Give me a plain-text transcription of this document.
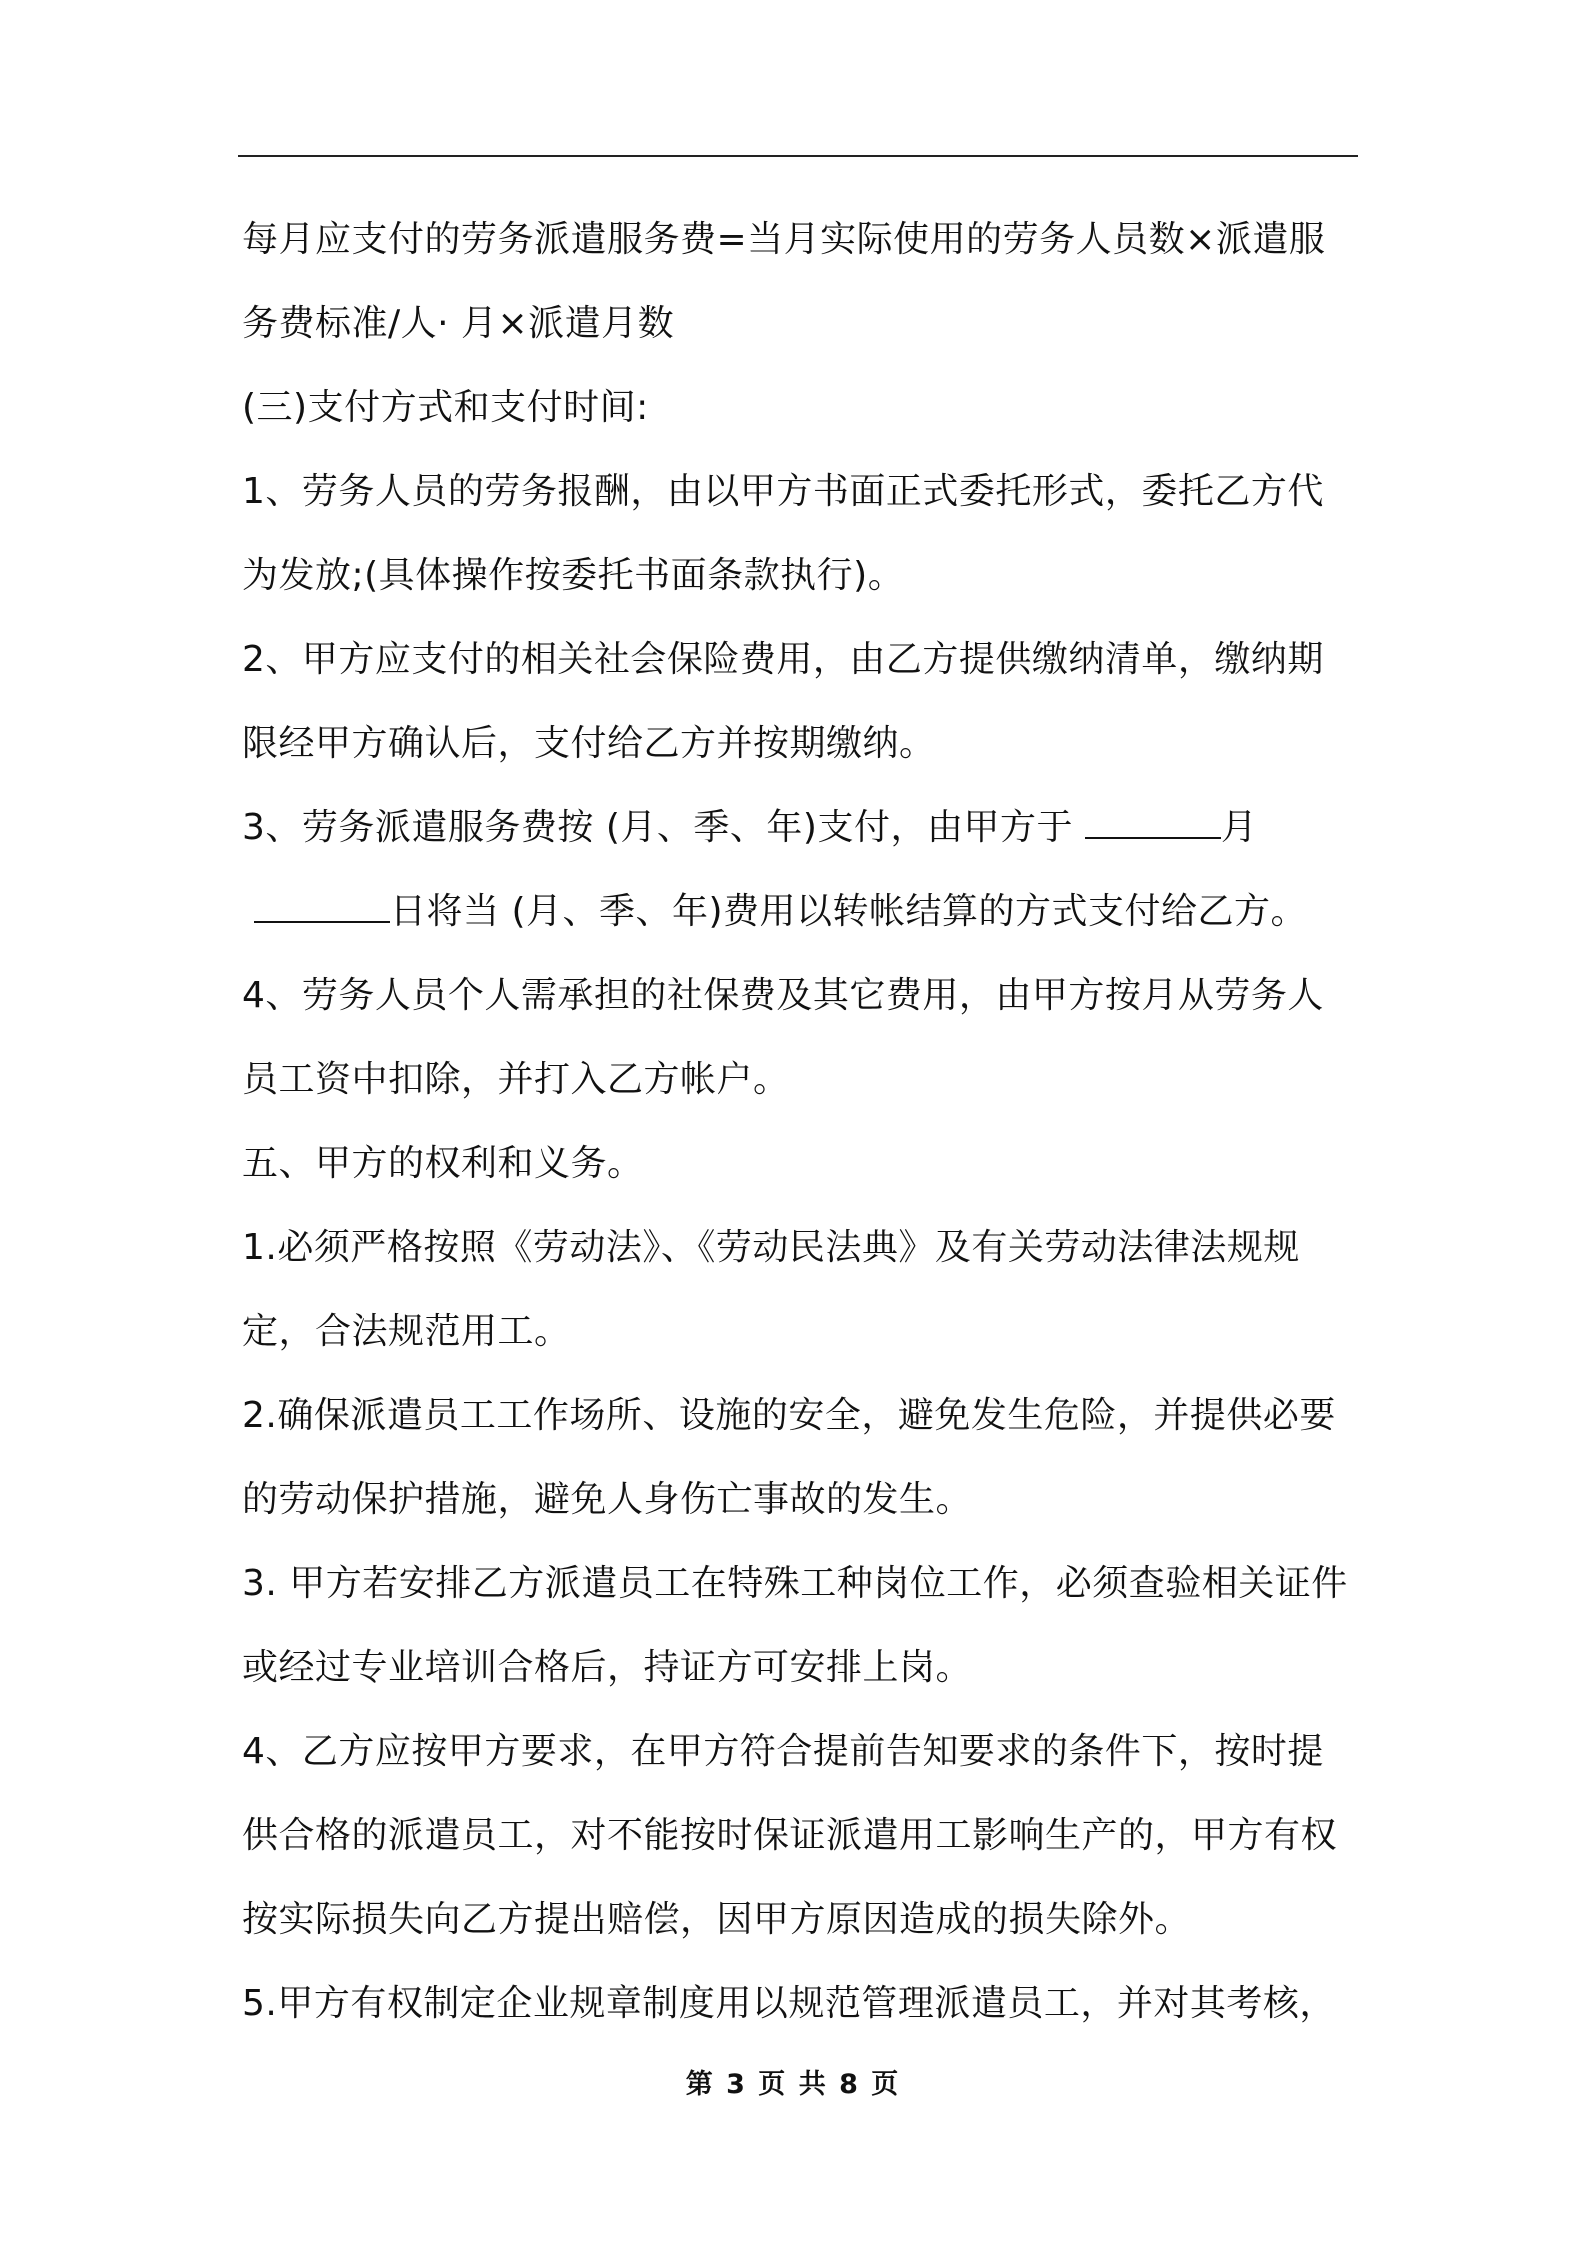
每月应支付的劳务派遣服务费=当月实际使用的劳务人员数×派遣服务费标准/人· 月×派遣月数

(三)支付方式和支付时间:

1、劳务人员的劳务报酬，由以甲方书面正式委托形式，委托乙方代为发放;(具体操作按委托书面条款执行)。

2、甲方应支付的相关社会保险费用，由乙方提供缴纳清单，缴纳期限经甲方确认后，支付给乙方并按期缴纳。

3、劳务派遣服务费按 (月、季、年)支付，由甲方于	月日将当 (月、季、年)费用以转帐结算的方式支付给乙方。

4、劳务人员个人需承担的社保费及其它费用，由甲方按月从劳务人员工资中扣除，并打入乙方帐户。

五、甲方的权利和义务。

1.必须严格按照《劳动法》、《劳动民法典》及有关劳动法律法规规定，合法规范用工。

2.确保派遣员工工作场所、设施的安全，避免发生危险，并提供必要的劳动保护措施，避免人身伤亡事故的发生。

3. 甲方若安排乙方派遣员工在特殊工种岗位工作，必须查验相关证件或经过专业培训合格后，持证方可安排上岗。

4、乙方应按甲方要求，在甲方符合提前告知要求的条件下，按时提供合格的派遣员工，对不能按时保证派遣用工影响生产的，甲方有权按实际损失向乙方提出赔偿，因甲方原因造成的损失除外。

5.甲方有权制定企业规章制度用以规范管理派遣员工，并对其考核，

第 3 页 共 8 页
